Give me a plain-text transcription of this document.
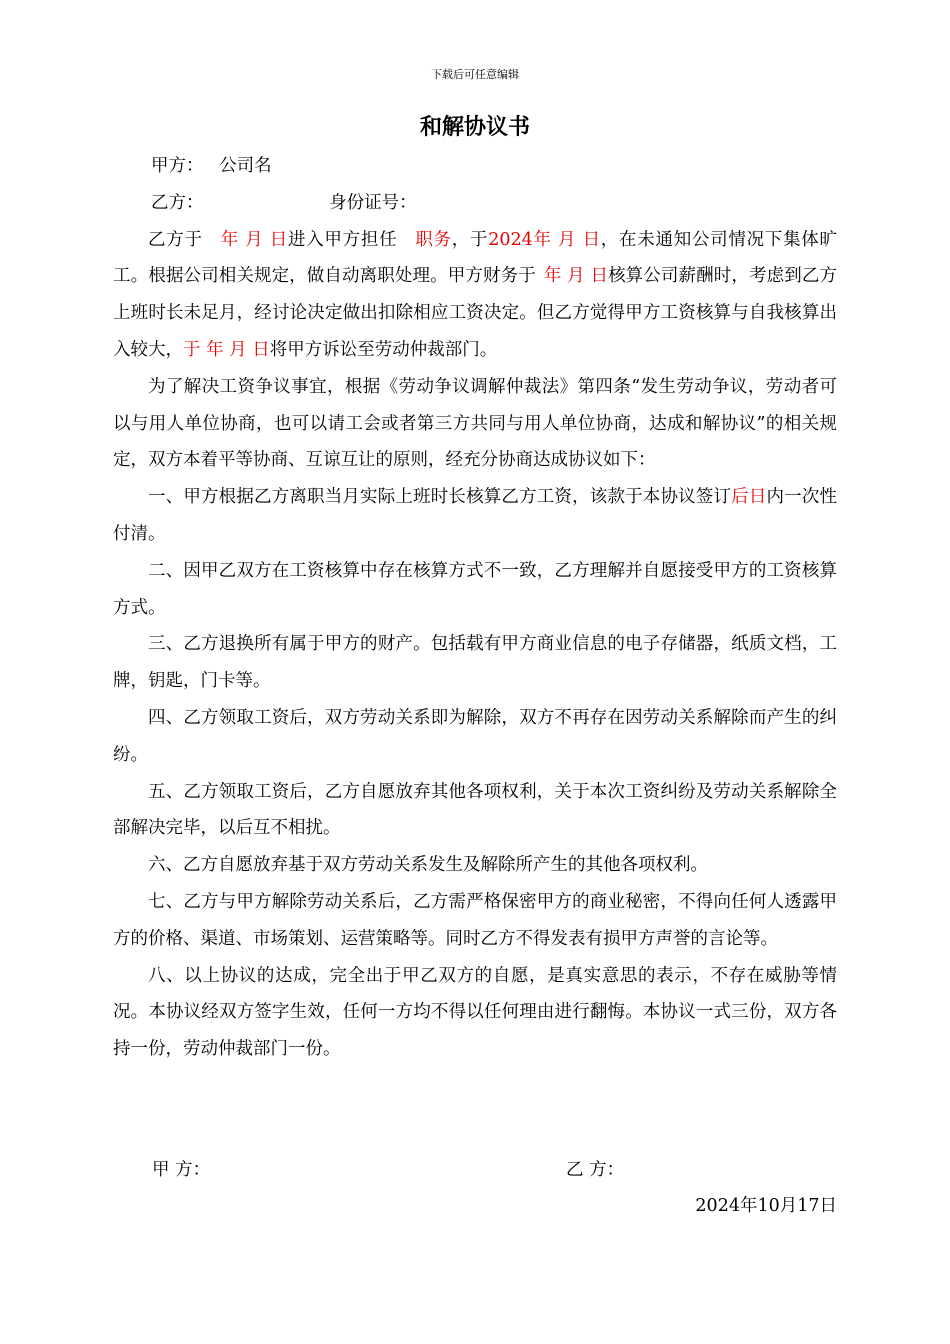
下载后可任意编辑
和解协议书
甲方： 公司名
乙方：	身份证号：

乙方于 年 月 日进入甲方担任 职务，于2024年 月 日，在未通知公司情况下集体旷工。根据公司相关规定，做自动离职处理。甲方财务于 年 月 日核算公司薪酬时，考虑到乙方上班时长未足月，经讨论决定做出扣除相应工资决定。但乙方觉得甲方工资核算与自我核算出入较大，于 年 月 日将甲方诉讼至劳动仲裁部门。

为了解决工资争议事宜，根据《劳动争议调解仲裁法》第四条“发生劳动争议，劳动者可以与用人单位协商，也可以请工会或者第三方共同与用人单位协商，达成和解协议”的相关规定，双方本着平等协商、互谅互让的原则，经充分协商达成协议如下：

一、甲方根据乙方离职当月实际上班时长核算乙方工资，该款于本协议签订后日内一次性付清。

二、因甲乙双方在工资核算中存在核算方式不一致，乙方理解并自愿接受甲方的工资核算方式。

三、乙方退换所有属于甲方的财产。包括载有甲方商业信息的电子存储器，纸质文档，工牌，钥匙，门卡等。

四、乙方领取工资后，双方劳动关系即为解除，双方不再存在因劳动关系解除而产生的纠纷。

五、乙方领取工资后，乙方自愿放弃其他各项权利，关于本次工资纠纷及劳动关系解除全部解决完毕，以后互不相扰。

六、乙方自愿放弃基于双方劳动关系发生及解除所产生的其他各项权利。

七、乙方与甲方解除劳动关系后，乙方需严格保密甲方的商业秘密，不得向任何人透露甲方的价格、渠道、市场策划、运营策略等。同时乙方不得发表有损甲方声誉的言论等。

八、以上协议的达成，完全出于甲乙双方的自愿，是真实意思的表示，不存在威胁等情况。本协议经双方签字生效，任何一方均不得以任何理由进行翻悔。本协议一式三份，双方各持一份，劳动仲裁部门一份。

甲 方：	乙 方：
2024年10月17日
